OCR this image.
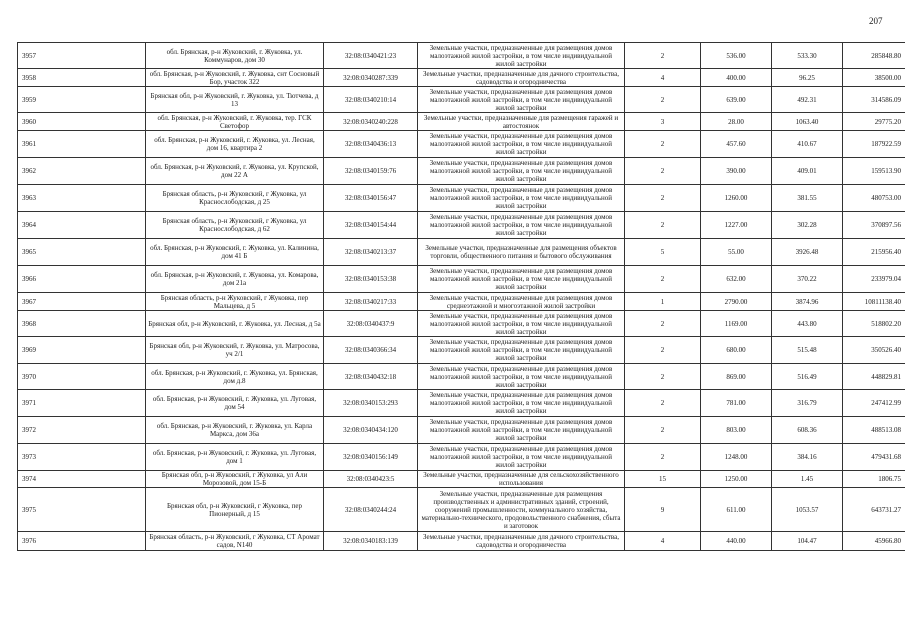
207
3957	обл. Брянская, р-н Жуковский, г. Жуковка, ул. Коммунаров, дом 30	32:08:0340421:23	Земельные участки, предназначенные для размещения домов малоэтажной жилой застройки, в том числе индивидуальной жилой застройки	2	536.00	533.30	285848.80
3958	обл. Брянская, р-н Жуковский, г. Жуковка, снт Сосновый Бор, участок 322	32:08:0340287:339	Земельные участки, предназначенные для дачного строительства, садоводства и огородничества	4	400.00	96.25	38500.00
3959	Брянская обл, р-н Жуковский, г. Жуковка, ул. Тютчева, д 13	32:08:0340210:14	Земельные участки, предназначенные для размещения домов малоэтажной жилой застройки, в том числе индивидуальной жилой застройки	2	639.00	492.31	314586.09
3960	обл. Брянская, р-н Жуковский, г. Жуковка, тер. ГСК Светофор	32:08:0340240:228	Земельные участки, предназначенные для размещения гаражей и автостоянок	3	28.00	1063.40	29775.20
3961	обл. Брянская, р-н Жуковский, г. Жуковка, ул. Лесная, дом 16, квартира 2	32:08:0340436:13	Земельные участки, предназначенные для размещения домов малоэтажной жилой застройки, в том числе индивидуальной жилой застройки	2	457.60	410.67	187922.59
3962	обл. Брянская, р-н Жуковский, г. Жуковка, ул. Крупской, дом 22 А	32:08:0340159:76	Земельные участки, предназначенные для размещения домов малоэтажной жилой застройки, в том числе индивидуальной жилой застройки	2	390.00	409.01	159513.90
3963	Брянская область, р-н Жуковский, г Жуковка, ул Краснослободская, д 25	32:08:0340156:47	Земельные участки, предназначенные для размещения домов малоэтажной жилой застройки, в том числе индивидуальной жилой застройки	2	1260.00	381.55	480753.00
3964	Брянская область, р-н Жуковский, г Жуковка, ул Краснослободская, д 62	32:08:0340154:44	Земельные участки, предназначенные для размещения домов малоэтажной жилой застройки, в том числе индивидуальной жилой застройки	2	1227.00	302.28	370897.56
3965	обл. Брянская, р-н Жуковский, г. Жуковка, ул. Калинина, дом 41 Б	32:08:0340213:37	Земельные участки, предназначенные для размещения объектов торговли, общественного питания и бытового обслуживания	5	55.00	3926.48	215956.40
3966	обл. Брянская, р-н Жуковский, г. Жуковка, ул. Комарова, дом 21а	32:08:0340153:38	Земельные участки, предназначенные для размещения домов малоэтажной жилой застройки, в том числе индивидуальной жилой застройки	2	632.00	370.22	233979.04
3967	Брянская область, р-н Жуковский, г Жуковка, пер Мальцева, д 5	32:08:0340217:33	Земельные участки, предназначенные для размещения домов среднеэтажной и многоэтажной жилой застройки	1	2790.00	3874.96	10811138.40
3968	Брянская обл, р-н Жуковский, г. Жуковка, ул. Лесная, д 5а	32:08:0340437:9	Земельные участки, предназначенные для размещения домов малоэтажной жилой застройки, в том числе индивидуальной жилой застройки	2	1169.00	443.80	518802.20
3969	Брянская обл, р-н Жуковский, г. Жуковка, ул. Матросова, уч 2/1	32:08:0340366:34	Земельные участки, предназначенные для размещения домов малоэтажной жилой застройки, в том числе индивидуальной жилой застройки	2	680.00	515.48	350526.40
3970	обл. Брянская, р-н Жуковский, г. Жуковка, ул. Брянская, дом д.8	32:08:0340432:18	Земельные участки, предназначенные для размещения домов малоэтажной жилой застройки, в том числе индивидуальной жилой застройки	2	869.00	516.49	448829.81
3971	обл. Брянская, р-н Жуковский, г. Жуковка, ул. Луговая, дом 54	32:08:0340153:293	Земельные участки, предназначенные для размещения домов малоэтажной жилой застройки, в том числе индивидуальной жилой застройки	2	781.00	316.79	247412.99
3972	обл. Брянская, р-н Жуковский, г. Жуковка, ул. Карла Маркса, дом 36а	32:08:0340434:120	Земельные участки, предназначенные для размещения домов малоэтажной жилой застройки, в том числе индивидуальной жилой застройки	2	803.00	608.36	488513.08
3973	обл. Брянская, р-н Жуковский, г. Жуковка, ул. Луговая, дом 1	32:08:0340156:149	Земельные участки, предназначенные для размещения домов малоэтажной жилой застройки, в том числе индивидуальной жилой застройки	2	1248.00	384.16	479431.68
3974	Брянская обл, р-н Жуковский, г Жуковка, ул Али Морозовой, дом 15-Б	32:08:0340423:5	Земельные участки, предназначенные для сельскохозяйственного использования	15	1250.00	1.45	1806.75
3975	Брянская обл, р-н Жуковский, г Жуковка, пер Пионерный, д 15	32:08:0340244:24	Земельные участки, предназначенные для размещения производственных и административных зданий, строений, сооружений промышленности, коммунального хозяйства, материально-технического, продовольственного снабжения, сбыта и заготовок	9	611.00	1053.57	643731.27
3976	Брянская область, р-н Жуковский, г Жуковка, СТ Аромат садов, N140	32:08:0340183:139	Земельные участки, предназначенные для дачного строительства, садоводства и огородничества	4	440.00	104.47	45966.80
